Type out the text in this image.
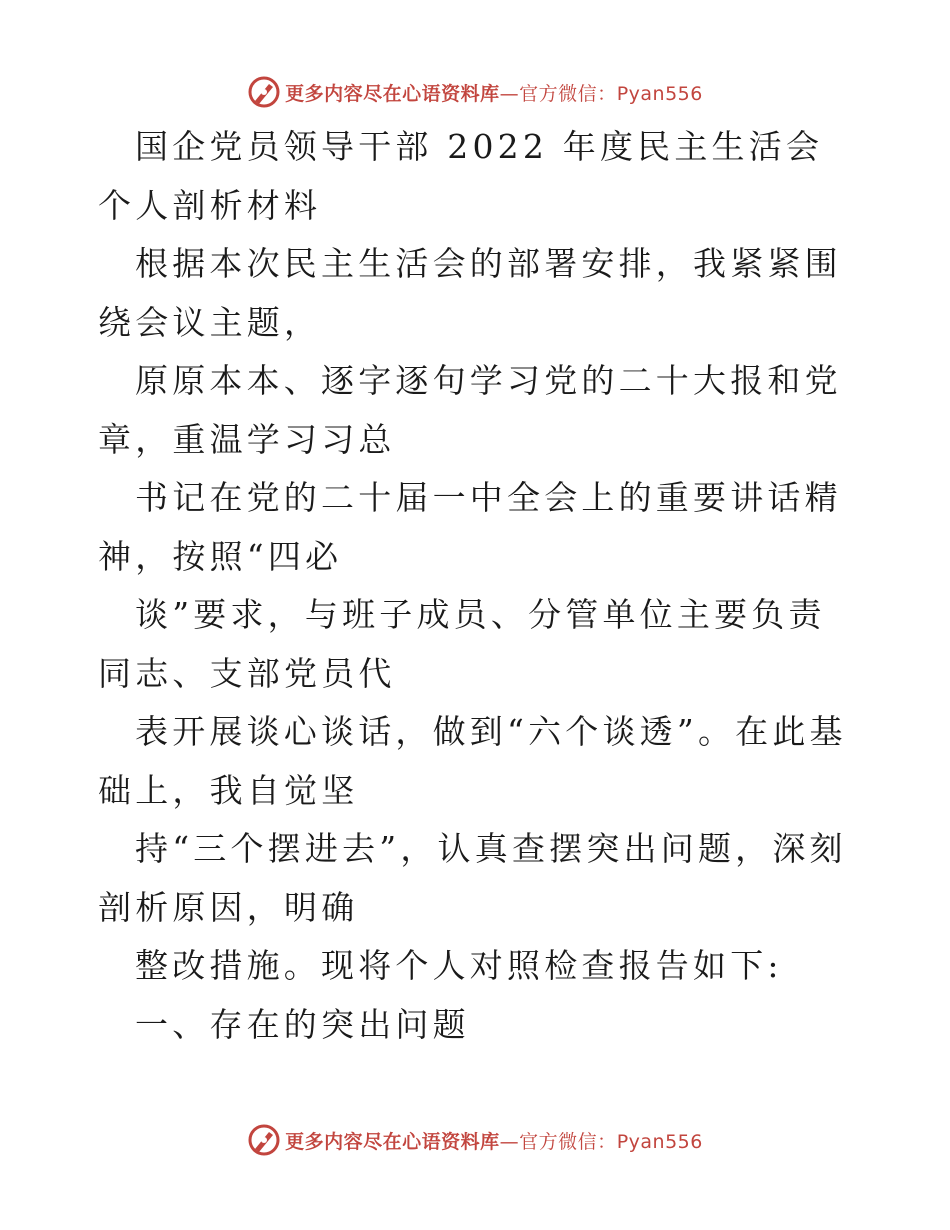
更多内容尽在心语资料库—官方微信：Pyan556

国企党员领导干部 2022 年度民主生活会个人剖析材料

根据本次民主生活会的部署安排，我紧紧围绕会议主题，

原原本本、逐字逐句学习党的二十大报和党章，重温学习习总

书记在党的二十届一中全会上的重要讲话精神，按照“四必

谈”要求，与班子成员、分管单位主要负责同志、支部党员代

表开展谈心谈话，做到“六个谈透”。在此基础上，我自觉坚

持“三个摆进去”，认真查摆突出问题，深刻剖析原因，明确

整改措施。现将个人对照检查报告如下:

一、存在的突出问题

更多内容尽在心语资料库—官方微信：Pyan556
